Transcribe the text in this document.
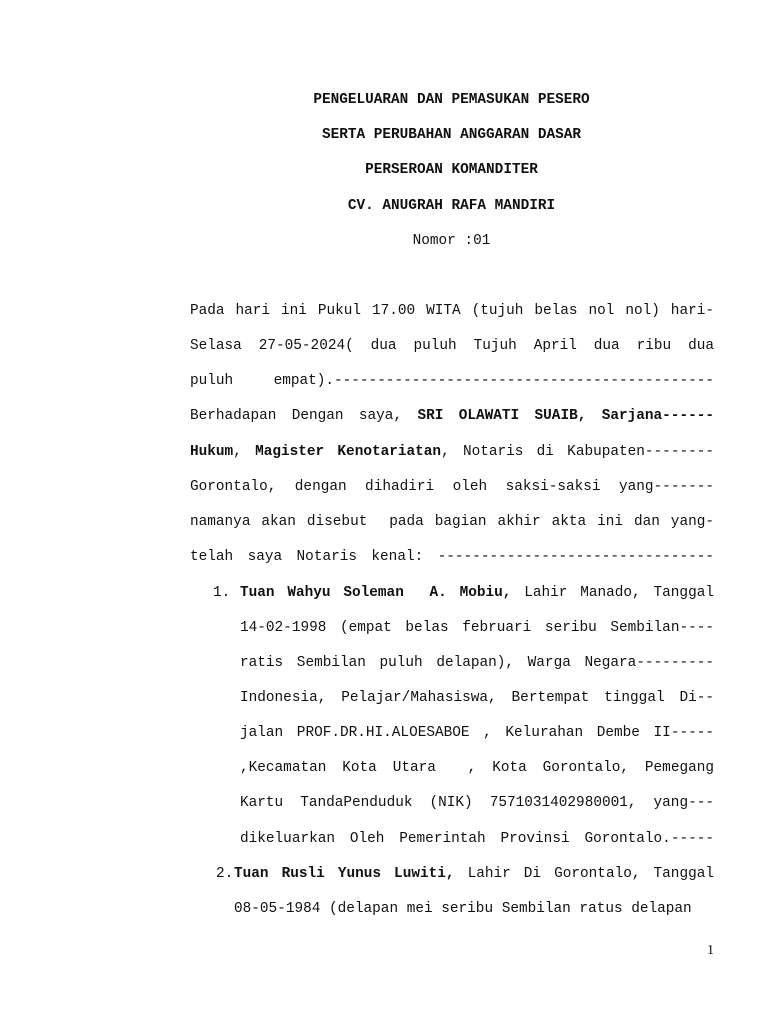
PENGELUARAN DAN PEMASUKAN PESERO
SERTA PERUBAHAN ANGGARAN DASAR
PERSEROAN KOMANDITER
CV. ANUGRAH RAFA MANDIRI
Nomor :01
Pada hari ini Pukul 17.00 WITA (tujuh belas nol nol) hari-
Selasa 27-05-2024( dua puluh Tujuh April dua ribu dua
puluh empat).--------------------------------------------
Berhadapan Dengan saya, SRI OLAWATI SUAIB, Sarjana------
Hukum, Magister Kenotariatan, Notaris di Kabupaten--------
Gorontalo, dengan dihadiri oleh saksi-saksi yang-------
namanya akan disebut  pada bagian akhir akta ini dan yang-
telah saya Notaris kenal: --------------------------------
1. Tuan Wahyu Soleman  A. Mobiu, Lahir Manado, Tanggal
14-02-1998 (empat belas februari seribu Sembilan----
ratis Sembilan puluh delapan), Warga Negara---------
Indonesia, Pelajar/Mahasiswa, Bertempat tinggal Di--
jalan PROF.DR.HI.ALOESABOE , Kelurahan Dembe II-----
,Kecamatan Kota Utara  , Kota Gorontalo, Pemegang
Kartu TandaPenduduk (NIK) 7571031402980001, yang---
dikeluarkan Oleh Pemerintah Provinsi Gorontalo.-----
2. Tuan Rusli Yunus Luwiti, Lahir Di Gorontalo, Tanggal
08-05-1984 (delapan mei seribu Sembilan ratus delapan
1
